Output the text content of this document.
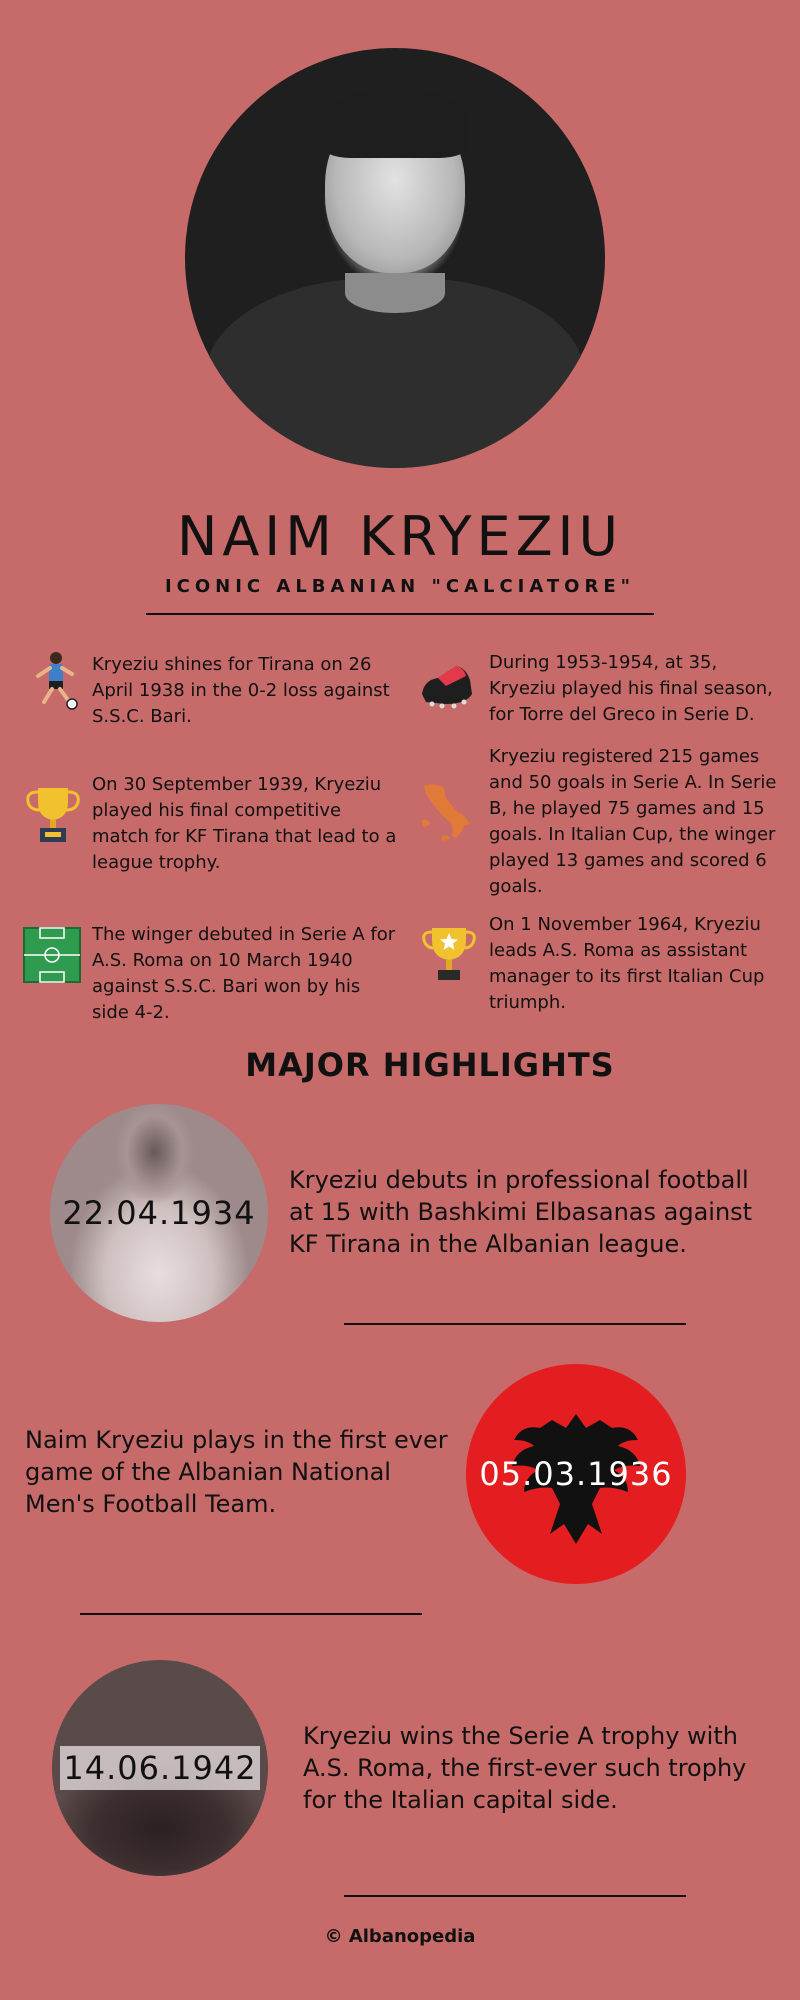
NAIM KRYEZIU
ICONIC ALBANIAN "CALCIATORE"
Kryeziu shines for Tirana on 26 April 1938 in the 0-2 loss against S.S.C. Bari.
During 1953-1954, at 35, Kryeziu played his final season, for Torre del Greco in Serie D.
On 30 September 1939, Kryeziu played his final competitive match for KF Tirana that lead to a league trophy.
Kryeziu registered 215 games and 50 goals in Serie A. In Serie B, he played 75 games and 15 goals. In Italian Cup, the winger played 13 games and scored 6 goals.
The winger debuted in Serie A for A.S. Roma on 10 March 1940 against S.S.C. Bari won by his side 4-2.
On 1 November 1964, Kryeziu leads A.S. Roma as assistant manager to its first Italian Cup triumph.
MAJOR HIGHLIGHTS
22.04.1934
Kryeziu debuts in professional football at 15 with Bashkimi Elbasanas against KF Tirana in the Albanian league.
Naim Kryeziu plays in the first ever game of the Albanian National Men's Football Team.
05.03.1936
14.06.1942
Kryeziu wins the Serie A trophy with A.S. Roma, the first-ever such trophy for the Italian capital side.
© Albanopedia
